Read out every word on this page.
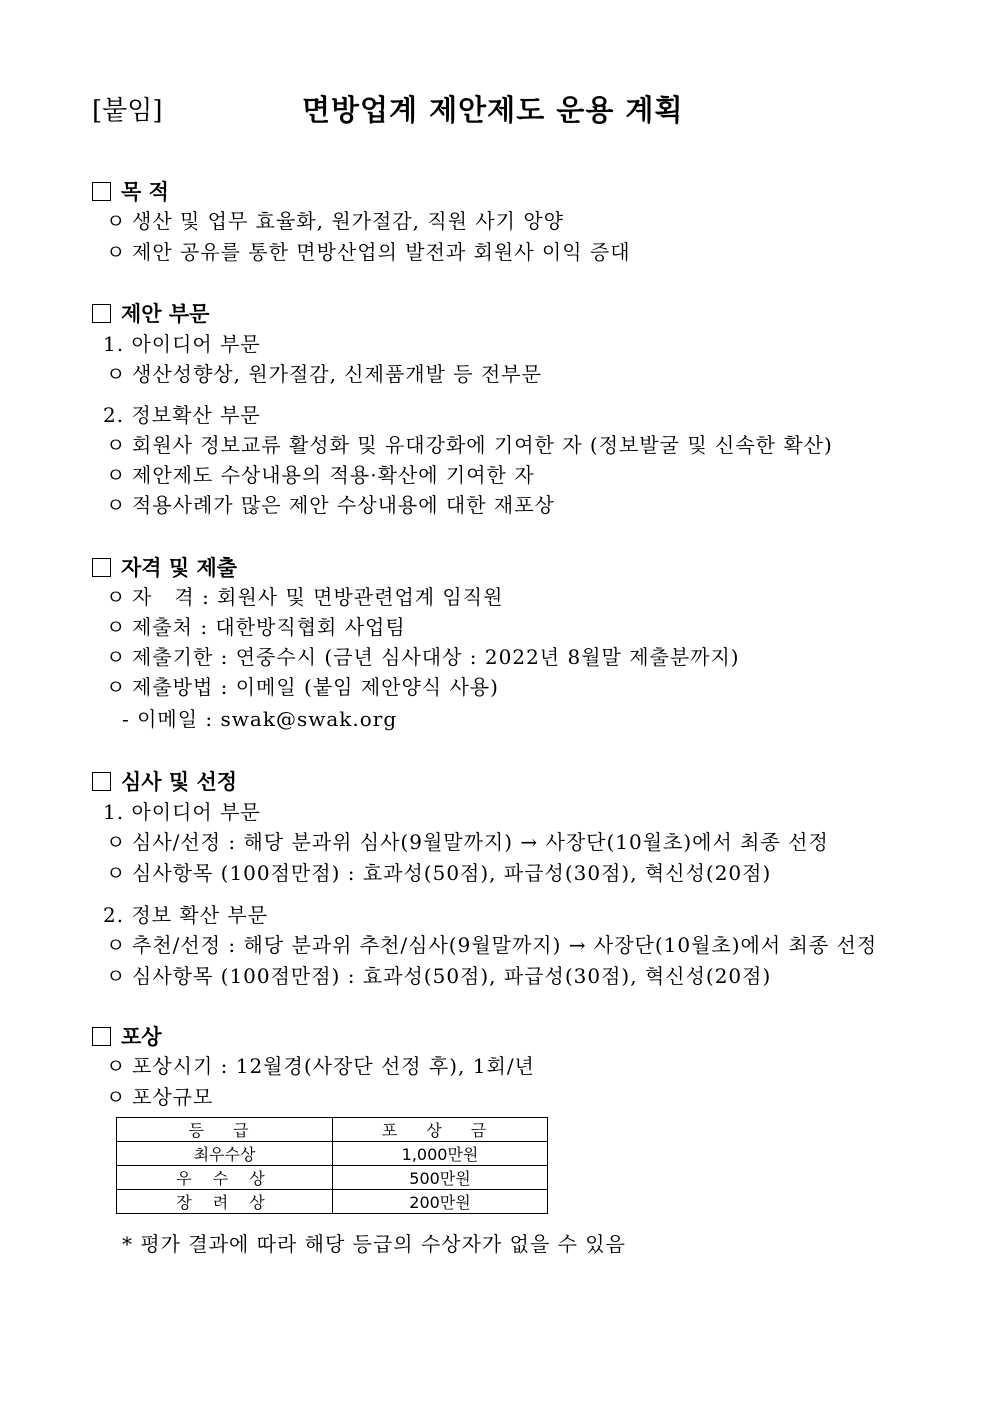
[붙임]	면방업계 제안제도 운용 계획
목 적
ㅇ 생산 및 업무 효율화, 원가절감, 직원 사기 앙양
ㅇ 제안 공유를 통한 면방산업의 발전과 회원사 이익 증대
제안 부문
1. 아이디어 부문
ㅇ 생산성향상, 원가절감, 신제품개발 등 전부문
2. 정보확산 부문
ㅇ 회원사 정보교류 활성화 및 유대강화에 기여한 자 (정보발굴 및 신속한 확산)
ㅇ 제안제도 수상내용의 적용·확산에 기여한 자
ㅇ 적용사례가 많은 제안 수상내용에 대한 재포상
자격 및 제출
ㅇ 자   격 : 회원사 및 면방관련업계 임직원
ㅇ 제출처 : 대한방직협회 사업팀
ㅇ 제출기한 : 연중수시 (금년 심사대상 : 2022년 8월말 제출분까지)
ㅇ 제출방법 : 이메일 (붙임 제안양식 사용)
- 이메일 : swak@swak.org
심사 및 선정
1. 아이디어 부문
ㅇ 심사/선정 : 해당 분과위 심사(9월말까지) → 사장단(10월초)에서 최종 선정
ㅇ 심사항목 (100점만점) : 효과성(50점), 파급성(30점), 혁신성(20점)
2. 정보 확산 부문
ㅇ 추천/선정 : 해당 분과위 추천/심사(9월말까지) → 사장단(10월초)에서 최종 선정
ㅇ 심사항목 (100점만점) : 효과성(50점), 파급성(30점), 혁신성(20점)
포상
ㅇ 포상시기 : 12월경(사장단 선정 후), 1회/년
ㅇ 포상규모
등 급	포 상 금
최우수상	1,000만원
우 수 상	500만원
장 려 상	200만원
* 평가 결과에 따라 해당 등급의 수상자가 없을 수 있음
